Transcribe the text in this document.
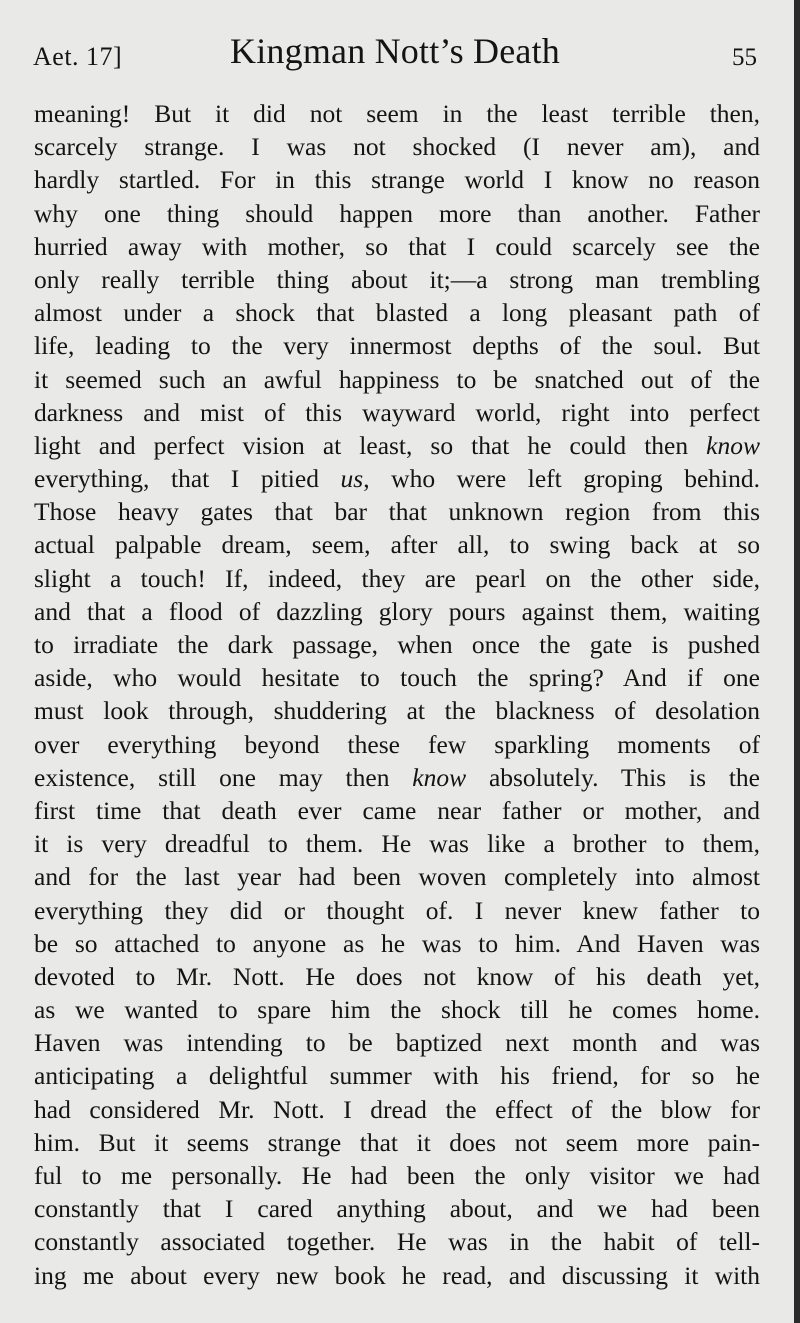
Aet. 17]	Kingman Nott’s Death	55
meaning! But it did not seem in the least terrible then,
scarcely strange. I was not shocked (I never am), and
hardly startled. For in this strange world I know no reason
why one thing should happen more than another. Father
hurried away with mother, so that I could scarcely see the
only really terrible thing about it;—a strong man trembling
almost under a shock that blasted a long pleasant path of
life, leading to the very innermost depths of the soul. But
it seemed such an awful happiness to be snatched out of the
darkness and mist of this wayward world, right into perfect
light and perfect vision at least, so that he could then know
everything, that I pitied us, who were left groping behind.
Those heavy gates that bar that unknown region from this
actual palpable dream, seem, after all, to swing back at so
slight a touch! If, indeed, they are pearl on the other side,
and that a flood of dazzling glory pours against them, waiting
to irradiate the dark passage, when once the gate is pushed
aside, who would hesitate to touch the spring? And if one
must look through, shuddering at the blackness of desolation
over everything beyond these few sparkling moments of
existence, still one may then know absolutely. This is the
first time that death ever came near father or mother, and
it is very dreadful to them. He was like a brother to them,
and for the last year had been woven completely into almost
everything they did or thought of. I never knew father to
be so attached to anyone as he was to him. And Haven was
devoted to Mr. Nott. He does not know of his death yet,
as we wanted to spare him the shock till he comes home.
Haven was intending to be baptized next month and was
anticipating a delightful summer with his friend, for so he
had considered Mr. Nott. I dread the effect of the blow for
him. But it seems strange that it does not seem more pain-
ful to me personally. He had been the only visitor we had
constantly that I cared anything about, and we had been
constantly associated together. He was in the habit of tell-
ing me about every new book he read, and discussing it with
